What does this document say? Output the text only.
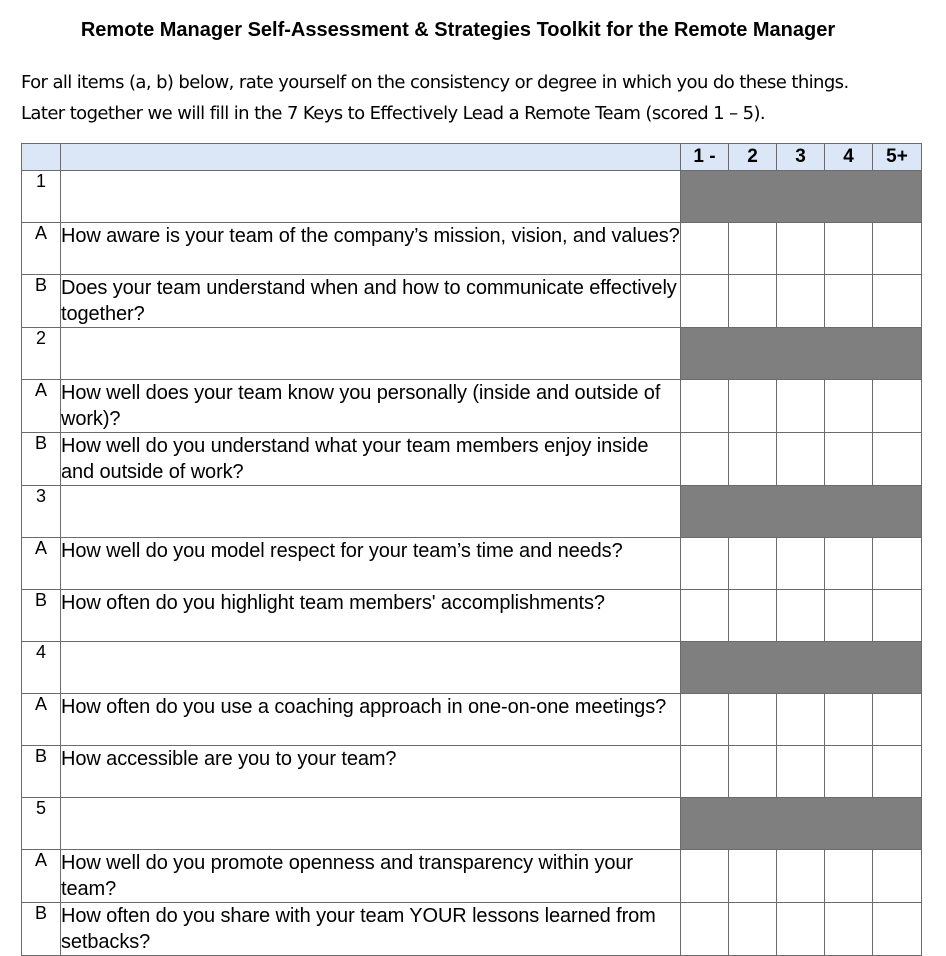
Remote Manager Self-Assessment & Strategies Toolkit for the Remote Manager
For all items (a, b) below, rate yourself on the consistency or degree in which you do these things.
Later together we will fill in the 7 Keys to Effectively Lead a Remote Team (scored 1 – 5).
		1 -	2	3	4	5+
1						
A	How aware is your team of the company’s mission, vision, and values?					
B	Does your team understand when and how to communicate effectively together?					
2						
A	How well does your team know you personally (inside and outside of work)?					
B	How well do you understand what your team members enjoy inside and outside of work?					
3						
A	How well do you model respect for your team’s time and needs?					
B	How often do you highlight team members' accomplishments?					
4						
A	How often do you use a coaching approach in one-on-one meetings?					
B	How accessible are you to your team?					
5						
A	How well do you promote openness and transparency within your team?					
B	How often do you share with your team YOUR lessons learned from setbacks?					
